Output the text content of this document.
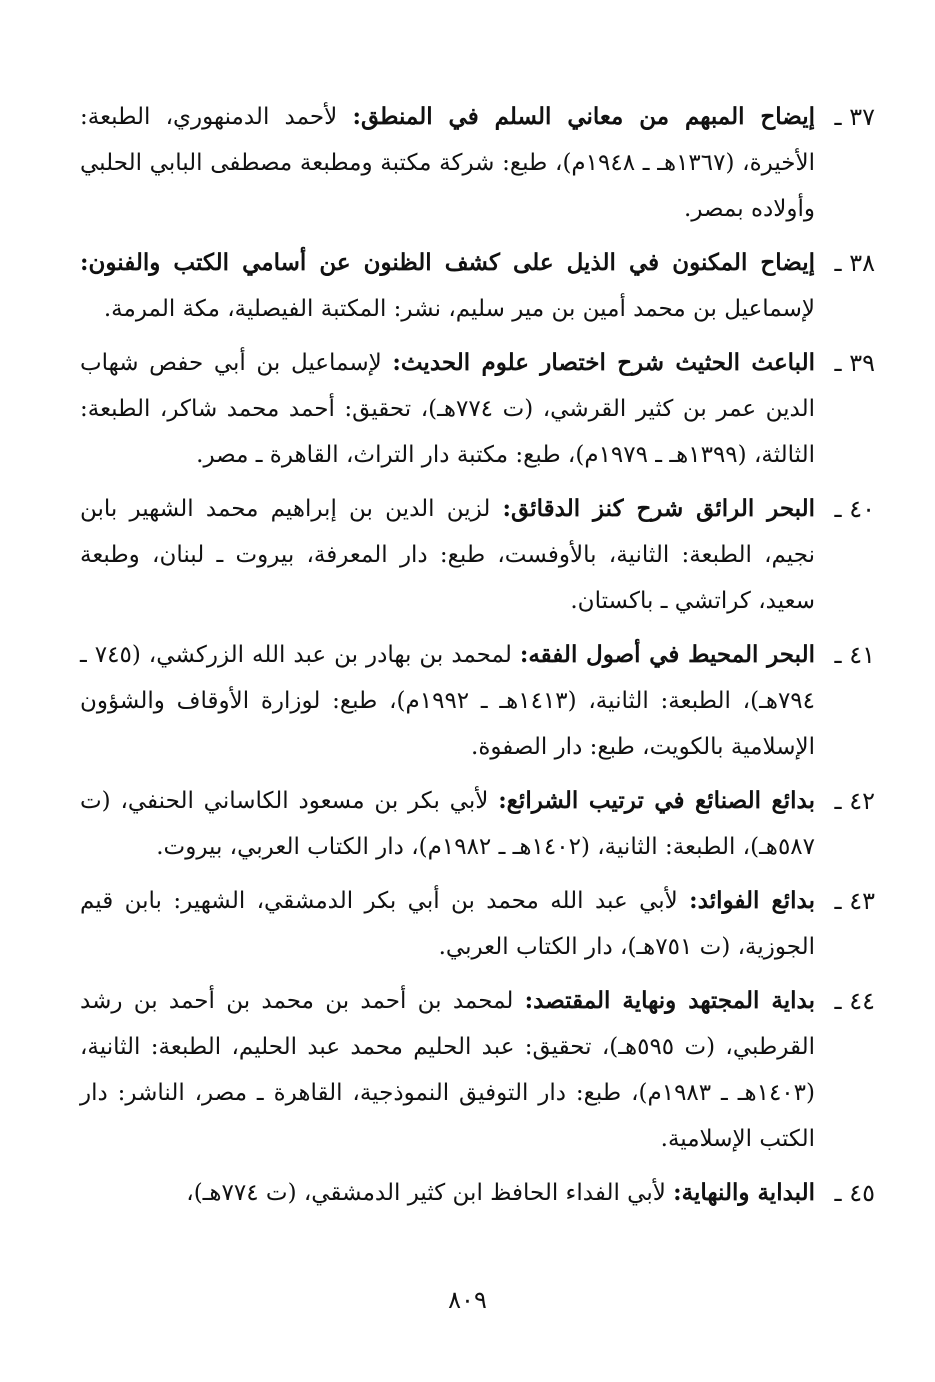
٣٧ ـ
إيضاح المبهم من معاني السلم في المنطق: لأحمد الدمنهوري، الطبعة: الأخيرة، (١٣٦٧هـ ـ ١٩٤٨م)، طبع: شركة مكتبة ومطبعة مصطفى البابي الحلبي وأولاده بمصر.
٣٨ ـ
إيضاح المكنون في الذيل على كشف الظنون عن أسامي الكتب والفنون: لإسماعيل بن محمد أمين بن مير سليم، نشر: المكتبة الفيصلية، مكة المرمة.
٣٩ ـ
الباعث الحثيث شرح اختصار علوم الحديث: لإسماعيل بن أبي حفص شهاب الدين عمر بن كثير القرشي، (ت ٧٧٤هـ)، تحقيق: أحمد محمد شاكر، الطبعة: الثالثة، (١٣٩٩هـ ـ ١٩٧٩م)، طبع: مكتبة دار التراث، القاهرة ـ مصر.
٤٠ ـ
البحر الرائق شرح كنز الدقائق: لزين الدين بن إبراهيم محمد الشهير بابن نجيم، الطبعة: الثانية، بالأوفست، طبع: دار المعرفة، بيروت ـ لبنان، وطبعة سعيد، كراتشي ـ باكستان.
٤١ ـ
البحر المحيط في أصول الفقه: لمحمد بن بهادر بن عبد الله الزركشي، (٧٤٥ ـ ٧٩٤هـ)، الطبعة: الثانية، (١٤١٣هـ ـ ١٩٩٢م)، طبع: لوزارة الأوقاف والشؤون الإسلامية بالكويت، طبع: دار الصفوة.
٤٢ ـ
بدائع الصنائع في ترتيب الشرائع: لأبي بكر بن مسعود الكاساني الحنفي، (ت ٥٨٧هـ)، الطبعة: الثانية، (١٤٠٢هـ ـ ١٩٨٢م)، دار الكتاب العربي، بيروت.
٤٣ ـ
بدائع الفوائد: لأبي عبد الله محمد بن أبي بكر الدمشقي، الشهير: بابن قيم الجوزية، (ت ٧٥١هـ)، دار الكتاب العربي.
٤٤ ـ
بداية المجتهد ونهاية المقتصد: لمحمد بن أحمد بن محمد بن أحمد بن رشد القرطبي، (ت ٥٩٥هـ)، تحقيق: عبد الحليم محمد عبد الحليم، الطبعة: الثانية، (١٤٠٣هـ ـ ١٩٨٣م)، طبع: دار التوفيق النموذجية، القاهرة ـ مصر، الناشر: دار الكتب الإسلامية.
٤٥ ـ
البداية والنهاية: لأبي الفداء الحافظ ابن كثير الدمشقي، (ت ٧٧٤هـ)،
٨٠٩
